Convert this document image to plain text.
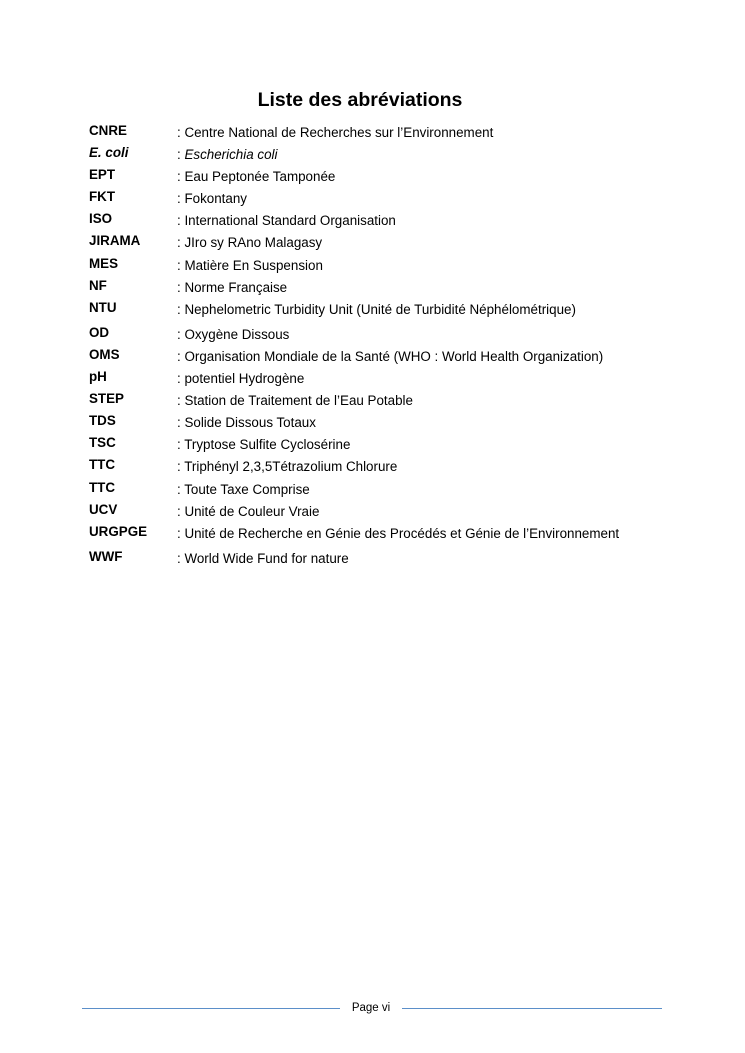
Liste des abréviations
CNRE	: Centre National de Recherches sur l’Environnement
E. coli	: Escherichia coli
EPT	: Eau Peptonée Tamponée
FKT	: Fokontany
ISO	: International Standard Organisation
JIRAMA	: JIro sy RAno Malagasy
MES	: Matière En Suspension
NF	: Norme Française
NTU	: Nephelometric Turbidity Unit (Unité de Turbidité Néphélométrique)
OD	: Oxygène Dissous
OMS	: Organisation Mondiale de la Santé (WHO : World Health Organization)
pH	: potentiel Hydrogène
STEP	: Station de Traitement de l’Eau Potable
TDS	: Solide Dissous Totaux
TSC	: Tryptose Sulfite Cyclosérine
TTC	: Triphényl 2,3,5Tétrazolium Chlorure
TTC	: Toute Taxe Comprise
UCV	: Unité de Couleur Vraie
URGPGE : Unité de Recherche en Génie des Procédés et Génie de l’Environnement
WWF	: World Wide Fund for nature
Page vi
